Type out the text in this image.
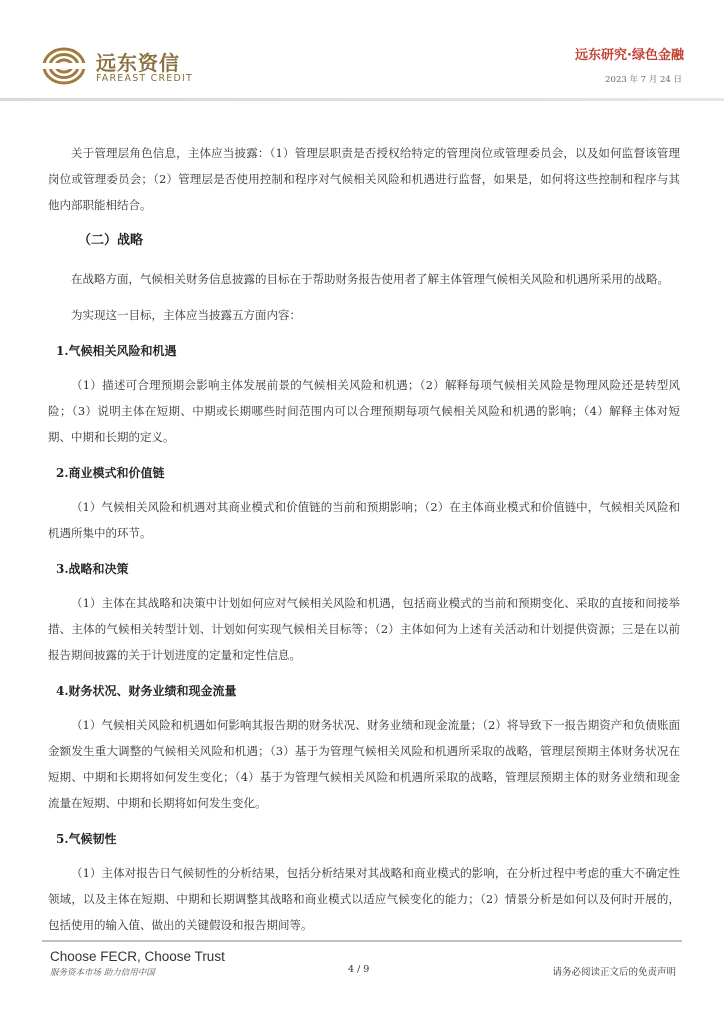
远东资信
FAREAST CREDIT
远东研究·绿色金融
2023 年 7 月 24 日

关于管理层角色信息，主体应当披露：（1）管理层职责是否授权给特定的管理岗位或管理委员会，以及如何监督该管理岗位或管理委员会；（2）管理层是否使用控制和程序对气候相关风险和机遇进行监督，如果是，如何将这些控制和程序与其他内部职能相结合。

（二）战略

在战略方面，气候相关财务信息披露的目标在于帮助财务报告使用者了解主体管理气候相关风险和机遇所采用的战略。

为实现这一目标，主体应当披露五方面内容：

1.气候相关风险和机遇

（1）描述可合理预期会影响主体发展前景的气候相关风险和机遇；（2）解释每项气候相关风险是物理风险还是转型风险；（3）说明主体在短期、中期或长期哪些时间范围内可以合理预期每项气候相关风险和机遇的影响；（4）解释主体对短期、中期和长期的定义。

2.商业模式和价值链

（1）气候相关风险和机遇对其商业模式和价值链的当前和预期影响；（2）在主体商业模式和价值链中，气候相关风险和机遇所集中的环节。

3.战略和决策

（1）主体在其战略和决策中计划如何应对气候相关风险和机遇，包括商业模式的当前和预期变化、采取的直接和间接举措、主体的气候相关转型计划、计划如何实现气候相关目标等；（2）主体如何为上述有关活动和计划提供资源；三是在以前报告期间披露的关于计划进度的定量和定性信息。

4.财务状况、财务业绩和现金流量

（1）气候相关风险和机遇如何影响其报告期的财务状况、财务业绩和现金流量；（2）将导致下一报告期资产和负债账面金额发生重大调整的气候相关风险和机遇；（3）基于为管理气候相关风险和机遇所采取的战略，管理层预期主体财务状况在短期、中期和长期将如何发生变化；（4）基于为管理气候相关风险和机遇所采取的战略，管理层预期主体的财务业绩和现金流量在短期、中期和长期将如何发生变化。

5.气候韧性

（1）主体对报告日气候韧性的分析结果，包括分析结果对其战略和商业模式的影响，在分析过程中考虑的重大不确定性领域，以及主体在短期、中期和长期调整其战略和商业模式以适应气候变化的能力；（2）情景分析是如何以及何时开展的，包括使用的输入值、做出的关键假设和报告期间等。

Choose FECR, Choose Trust
服务资本市场 助力信用中国	4 / 9	请务必阅读正文后的免责声明
